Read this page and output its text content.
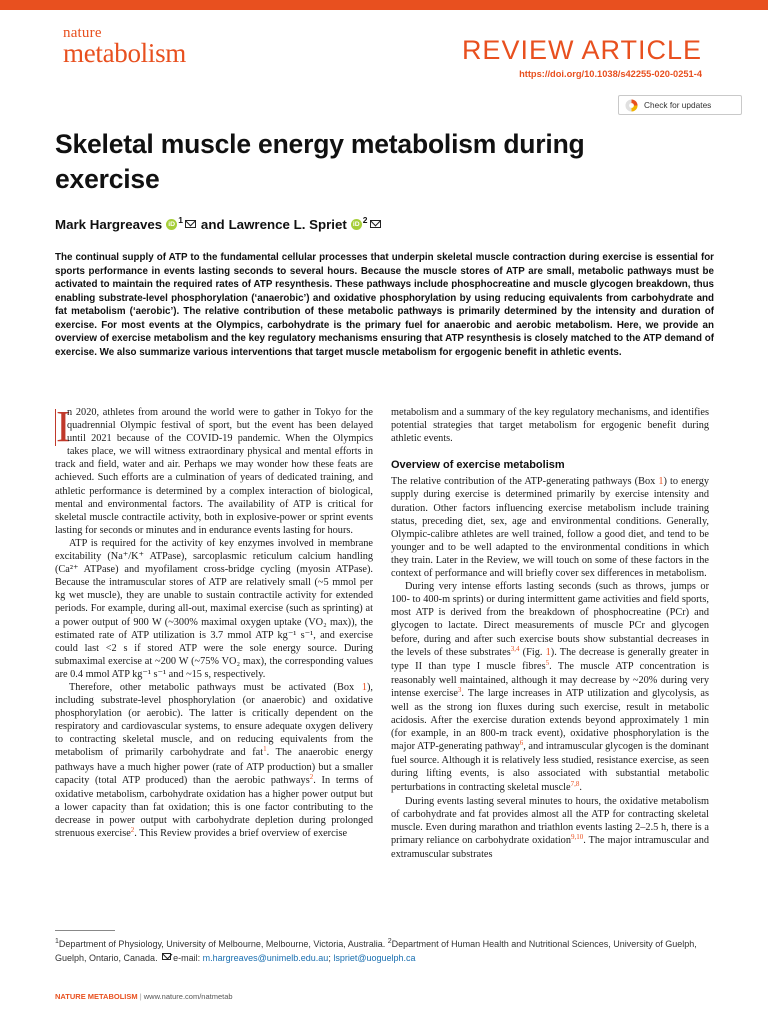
nature
metabolism	REVIEW ARTICLE
https://doi.org/10.1038/s42255-020-0251-4
Check for updates
Skeletal muscle energy metabolism during exercise
Mark Hargreaves iD 1 and Lawrence L. Spriet iD 2
The continual supply of ATP to the fundamental cellular processes that underpin skeletal muscle contraction during exercise is essential for sports performance in events lasting seconds to several hours. Because the muscle stores of ATP are small, metabolic pathways must be activated to maintain the required rates of ATP resynthesis. These pathways include phosphocreatine and muscle glycogen breakdown, thus enabling substrate-level phosphorylation (‘anaerobic’) and oxidative phosphorylation by using reducing equivalents from carbohydrate and fat metabolism (‘aerobic’). The relative contribution of these metabolic pathways is primarily determined by the intensity and duration of exercise. For most events at the Olympics, carbohydrate is the primary fuel for anaerobic and aerobic metabolism. Here, we provide an overview of exercise metabolism and the key regulatory mechanisms ensuring that ATP resynthesis is closely matched to the ATP demand of exercise. We also summarize various interventions that target muscle metabolism for ergogenic benefit in athletic events.

I
n 2020, athletes from around the world were to gather in Tokyo for the quadrennial Olympic festival of sport, but the event has been delayed until 2021 because of the COVID-19 pandemic. When the Olympics takes place, we will witness extraordinary physical and mental efforts in track and field, water and air. Perhaps we may wonder how these feats are achieved. Such efforts are a culmination of years of dedicated training, and athletic performance is determined by a complex interaction of biological, mental and environmental factors. The availability of ATP is critical for skeletal muscle contractile activity, both in explosive-power or sprint events lasting for seconds or minutes and in endurance events lasting for hours.

ATP is required for the activity of key enzymes involved in membrane excitability (Na⁺/K⁺ ATPase), sarcoplasmic reticulum calcium handling (Ca²⁺ ATPase) and myofilament cross-bridge cycling (myosin ATPase). Because the intramuscular stores of ATP are relatively small (~5 mmol per kg wet muscle), they are unable to sustain contractile activity for extended periods. For example, during all-out, maximal exercise (such as sprinting) at a power output of 900 W (~300% maximal oxygen uptake (VO₂ max)), the estimated rate of ATP utilization is 3.7 mmol ATP kg⁻¹ s⁻¹, and exercise could last <2 s if stored ATP were the sole energy source. During submaximal exercise at ~200 W (~75% VO₂ max), the corresponding values are 0.4 mmol ATP kg⁻¹ s⁻¹ and ~15 s, respectively.

Therefore, other metabolic pathways must be activated (Box 1), including substrate-level phosphorylation (or anaerobic) and oxidative phosphorylation (or aerobic). The latter is critically dependent on the respiratory and cardiovascular systems, to ensure adequate oxygen delivery to contracting skeletal muscle, and on reducing equivalents from the metabolism of primarily carbohydrate and fat$^1$. The anaerobic energy pathways have a much higher power (rate of ATP production) but a smaller capacity (total ATP produced) than the aerobic pathways$^2$. In terms of oxidative metabolism, carbohydrate oxidation has a higher power output but a lower capacity than fat oxidation; this is one factor contributing to the decrease in power output with carbohydrate depletion during prolonged strenuous exercise$^2$. This Review provides a brief overview of exercise

metabolism and a summary of the key regulatory mechanisms, and identifies potential strategies that target metabolism for ergogenic benefit during athletic events.

Overview of exercise metabolism

The relative contribution of the ATP-generating pathways (Box 1) to energy supply during exercise is determined primarily by exercise intensity and duration. Other factors influencing exercise metabolism include training status, preceding diet, sex, age and environmental conditions. Generally, Olympic-calibre athletes are well trained, follow a good diet, and tend to be younger and to be well adapted to the environmental conditions in which they train. Later in the Review, we will touch on some of these factors in the context of performance and will briefly cover sex differences in metabolism.

During very intense efforts lasting seconds (such as throws, jumps or 100- to 400-m sprints) or during intermittent game activities and field sports, most ATP is derived from the breakdown of phosphocreatine (PCr) and glycogen to lactate. Direct measurements of muscle PCr and glycogen before, during and after such exercise bouts show substantial decreases in the levels of these substrates$^{3,4}$ (Fig. 1). The decrease is generally greater in type II than type I muscle fibres$^5$. The muscle ATP concentration is reasonably well maintained, although it may decrease by ~20% during very intense exercise$^3$. The large increases in ATP utilization and glycolysis, as well as the strong ion fluxes during such exercise, result in metabolic acidosis. After the exercise duration extends beyond approximately 1 min (for example, in an 800-m track event), oxidative phosphorylation is the major ATP-generating pathway$^6$, and intramuscular glycogen is the dominant fuel source. Although it is relatively less studied, resistance exercise, as seen during lifting events, is also associated with substantial metabolic perturbations in contracting skeletal muscle$^{7,8}$.

During events lasting several minutes to hours, the oxidative metabolism of carbohydrate and fat provides almost all the ATP for contracting skeletal muscle. Even during marathon and triathlon events lasting 2–2.5 h, there is a primary reliance on carbohydrate oxidation$^{9,10}$. The major intramuscular and extramuscular substrates

$^1$Department of Physiology, University of Melbourne, Melbourne, Victoria, Australia. $^2$Department of Human Health and Nutritional Sciences, University of Guelph, Guelph, Ontario, Canada. e-mail: m.hargreaves@unimelb.edu.au; lspriet@uoguelph.ca
NATURE METABOLISM | www.nature.com/natmetab
